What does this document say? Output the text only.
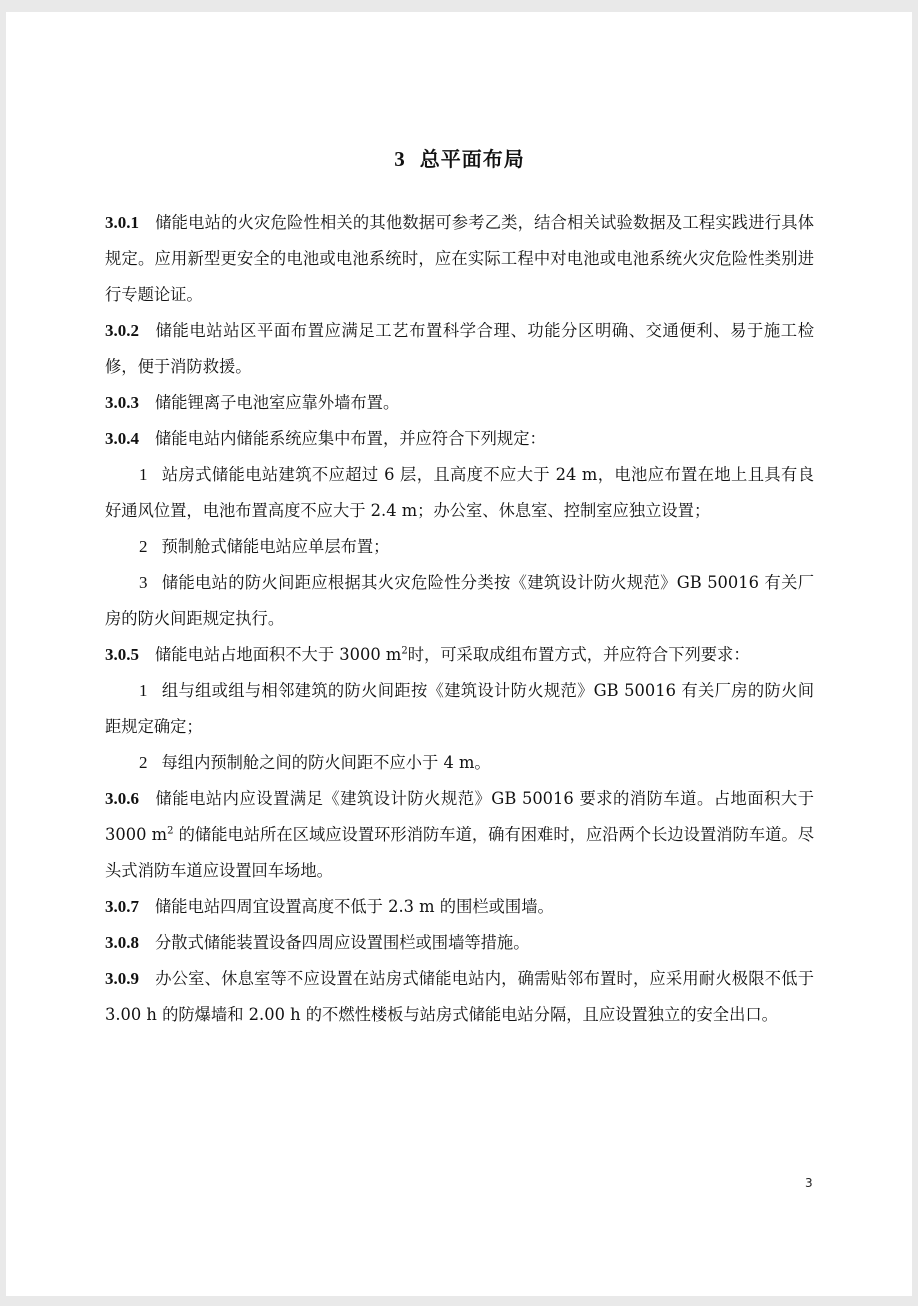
3 总平面布局

3.0.1 储能电站的火灾危险性相关的其他数据可参考乙类，结合相关试验数据及工程实践进行具体规定。应用新型更安全的电池或电池系统时，应在实际工程中对电池或电池系统火灾危险性类别进行专题论证。

3.0.2 储能电站站区平面布置应满足工艺布置科学合理、功能分区明确、交通便利、易于施工检修，便于消防救援。

3.0.3 储能锂离子电池室应靠外墙布置。

3.0.4 储能电站内储能系统应集中布置，并应符合下列规定：

1 站房式储能电站建筑不应超过 6 层，且高度不应大于 24 m，电池应布置在地上且具有良好通风位置，电池布置高度不应大于 2.4 m；办公室、休息室、控制室应独立设置；

2 预制舱式储能电站应单层布置；

3 储能电站的防火间距应根据其火灾危险性分类按《建筑设计防火规范》GB 50016 有关厂房的防火间距规定执行。

3.0.5 储能电站占地面积不大于 3000 $m^2$时，可采取成组布置方式，并应符合下列要求：

1 组与组或组与相邻建筑的防火间距按《建筑设计防火规范》GB 50016 有关厂房的防火间距规定确定；

2 每组内预制舱之间的防火间距不应小于 4 m。

3.0.6 储能电站内应设置满足《建筑设计防火规范》GB 50016 要求的消防车道。占地面积大于 3000 $m^2$ 的储能电站所在区域应设置环形消防车道，确有困难时，应沿两个长边设置消防车道。尽头式消防车道应设置回车场地。

3.0.7 储能电站四周宜设置高度不低于 2.3 m 的围栏或围墙。

3.0.8 分散式储能装置设备四周应设置围栏或围墙等措施。

3.0.9 办公室、休息室等不应设置在站房式储能电站内，确需贴邻布置时，应采用耐火极限不低于 3.00 h 的防爆墙和 2.00 h 的不燃性楼板与站房式储能电站分隔，且应设置独立的安全出口。

3
